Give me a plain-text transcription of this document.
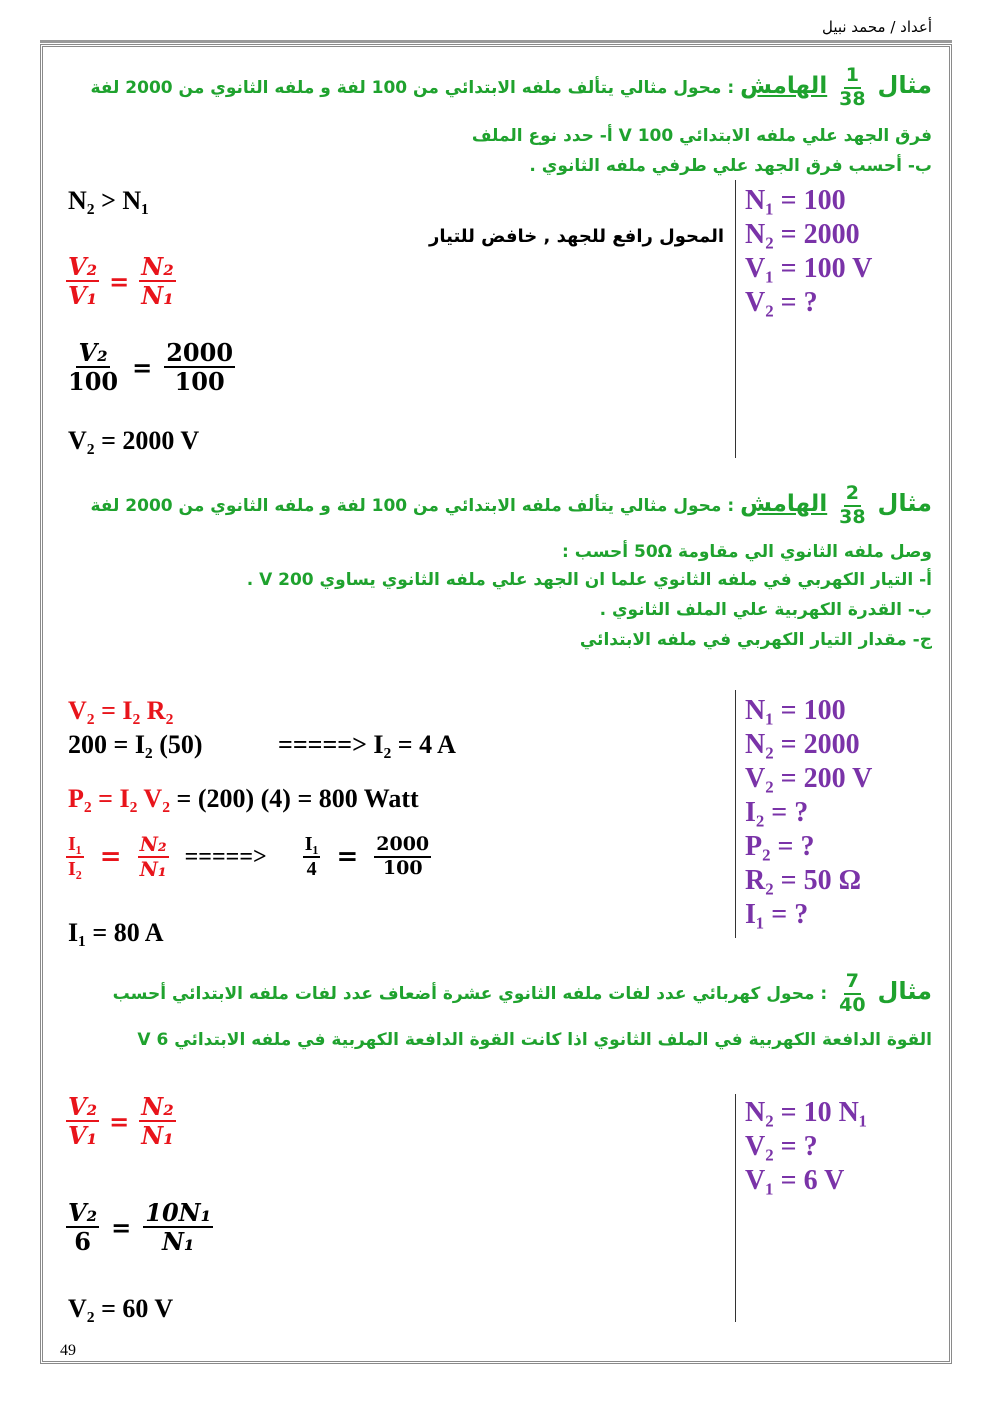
أعداد / محمد نبيل
مثال
$\frac{1}{38}$
الهامش : محول مثالي يتألف ملفه الابتدائي من 100 لفة و ملفه الثانوي من 2000 لفة
فرق الجهد علي ملفه الابتدائي V 100 أ- حدد نوع الملف
ب- أحسب فرق الجهد علي طرفي ملفه الثانوي .
N₁ = 100
N₂ = 2000
V₁ = 100 V
V₂ = ?
N₂ > N₁
المحول رافع للجهد , خافض للتيار
$\frac{\text{V₂}}{\text{V₁}} = \frac{\text{N₂}}{\text{N₁}}$
$\frac{\text{V₂}}{100} = \frac{2000}{100}$
V₂ = 2000 V
مثال
$\frac{2}{38}$
الهامش : محول مثالي يتألف ملفه الابتدائي من 100 لفة و ملفه الثانوي من 2000 لفة
وصل ملفه الثانوي الي مقاومة 50Ω أحسب :
أ- التيار الكهربي في ملفه الثانوي علما ان الجهد علي ملفه الثانوي يساوي V 200 .
ب- القدرة الكهربية علي الملف الثانوي .
ج- مقدار التيار الكهربي في ملفه الابتدائي
N₁ = 100
N₂ = 2000
V₂ = 200 V
I₂ = ?
P₂ = ?
R₂ = 50 Ω
I₁ = ?
V₂ = I₂ R₂
200 = I₂ (50)	=====> I₂ = 4 A
P₂ = I₂ V₂ = (200) (4) = 800 Watt
$\frac{\text{I₁}}{\text{I₂}} = \frac{\text{N₂}}{\text{N₁}}$ =====> $\frac{\text{I₁}}{4} = \frac{2000}{100}$
I₁ = 80 A
مثال
$\frac{7}{40}$
: محول كهربائي عدد لفات ملفه الثانوي عشرة أضعاف عدد لفات ملفه الابتدائي أحسب
القوة الدافعة الكهربية في الملف الثانوي اذا كانت القوة الدافعة الكهربية في ملفه الابتدائي V 6
N₂ = 10 N₁
V₂ = ?
V₁ = 6 V
$\frac{\text{V₂}}{\text{V₁}} = \frac{\text{N₂}}{\text{N₁}}$
$\frac{\text{V₂}}{6} = \frac{\text{10N₁}}{\text{N₁}}$
V₂ = 60 V
49
